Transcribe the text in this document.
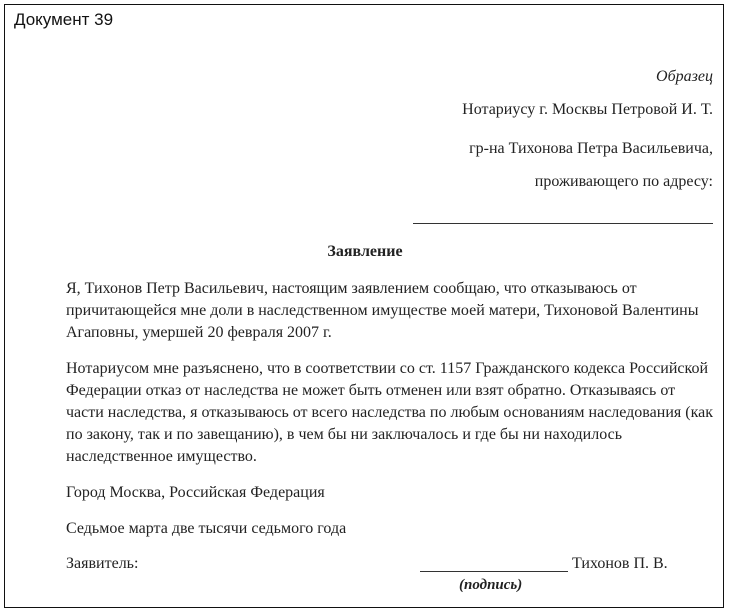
Документ 39
Образец
Нотариусу г. Москвы Петровой И. Т.
гр-на Тихонова Петра Васильевича,
проживающего по адресу:
Заявление

Я, Тихонов Петр Васильевич, настоящим заявлением сообщаю, что отказываюсь от причитающейся мне доли в наследственном имуществе моей матери, Тихоновой Валентины Агаповны, умершей 20 февраля 2007 г.

Нотариусом мне разъяснено, что в соответствии со ст. 1157 Гражданского кодекса Российской Федерации отказ от наследства не может быть отменен или взят обратно. Отказываясь от части наследства, я отказываюсь от всего наследства по любым основаниям наследования (как по закону, так и по завещанию), в чем бы ни заключалось и где бы ни находилось наследственное имущество.

Город Москва, Российская Федерация

Седьмое марта две тысячи седьмого года

Заявитель:	Тихонов П. В.
(подпись)
